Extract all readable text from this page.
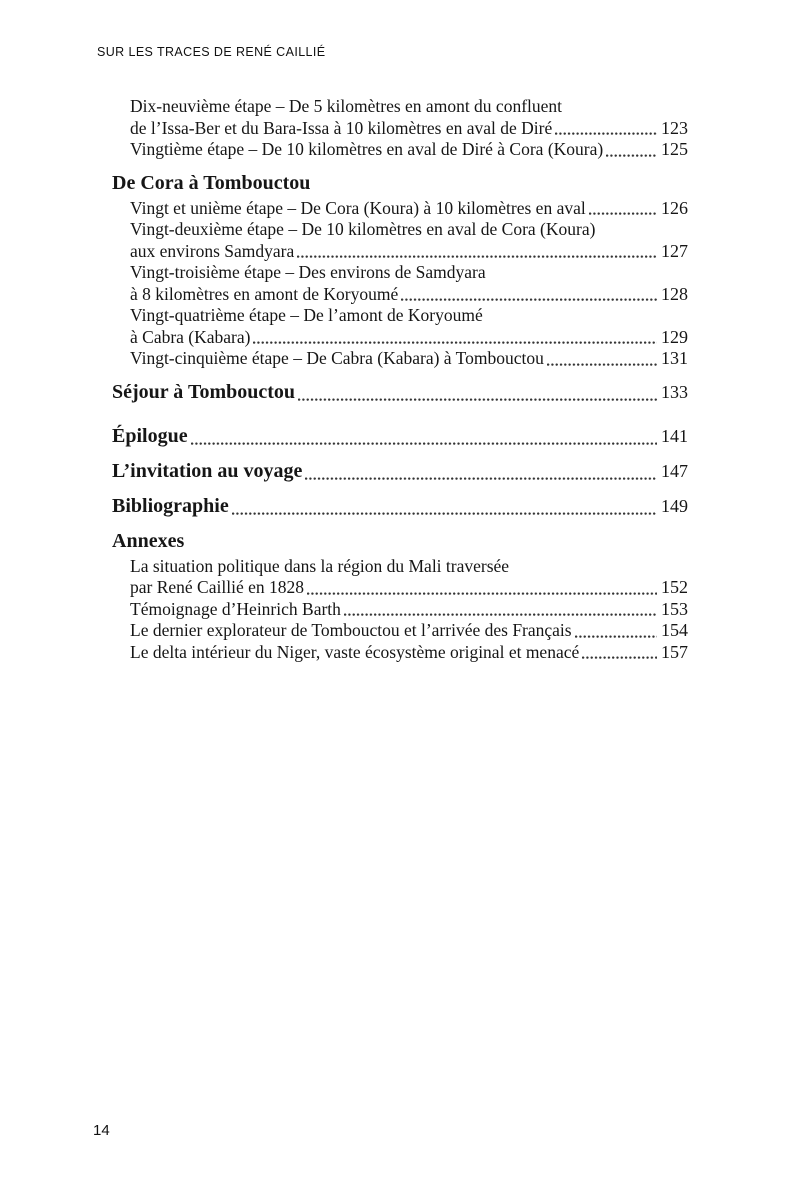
SUR LES TRACES DE RENÉ CAILLIÉ
Dix-neuvième étape – De 5 kilomètres en amont du confluent
de l’Issa-Ber et du Bara-Issa à 10 kilomètres en aval de Diré	123
Vingtième étape – De 10 kilomètres en aval de Diré à Cora (Koura)	125
De Cora à Tombouctou
Vingt et unième étape – De Cora (Koura) à 10 kilomètres en aval	126
Vingt-deuxième étape – De 10 kilomètres en aval de Cora (Koura)
aux environs Samdyara	127
Vingt-troisième étape – Des environs de Samdyara
à 8 kilomètres en amont de Koryoumé	128
Vingt-quatrième étape – De l’amont de Koryoumé
à Cabra (Kabara)	129
Vingt-cinquième étape – De Cabra (Kabara) à Tombouctou	131
Séjour à Tombouctou	133
Épilogue	141
L’invitation au voyage	147
Bibliographie	149
Annexes
La situation politique dans la région du Mali traversée
par René Caillié en 1828	152
Témoignage d’Heinrich Barth	153
Le dernier explorateur de Tombouctou et l’arrivée des Français	154
Le delta intérieur du Niger, vaste écosystème original et menacé	157
14
